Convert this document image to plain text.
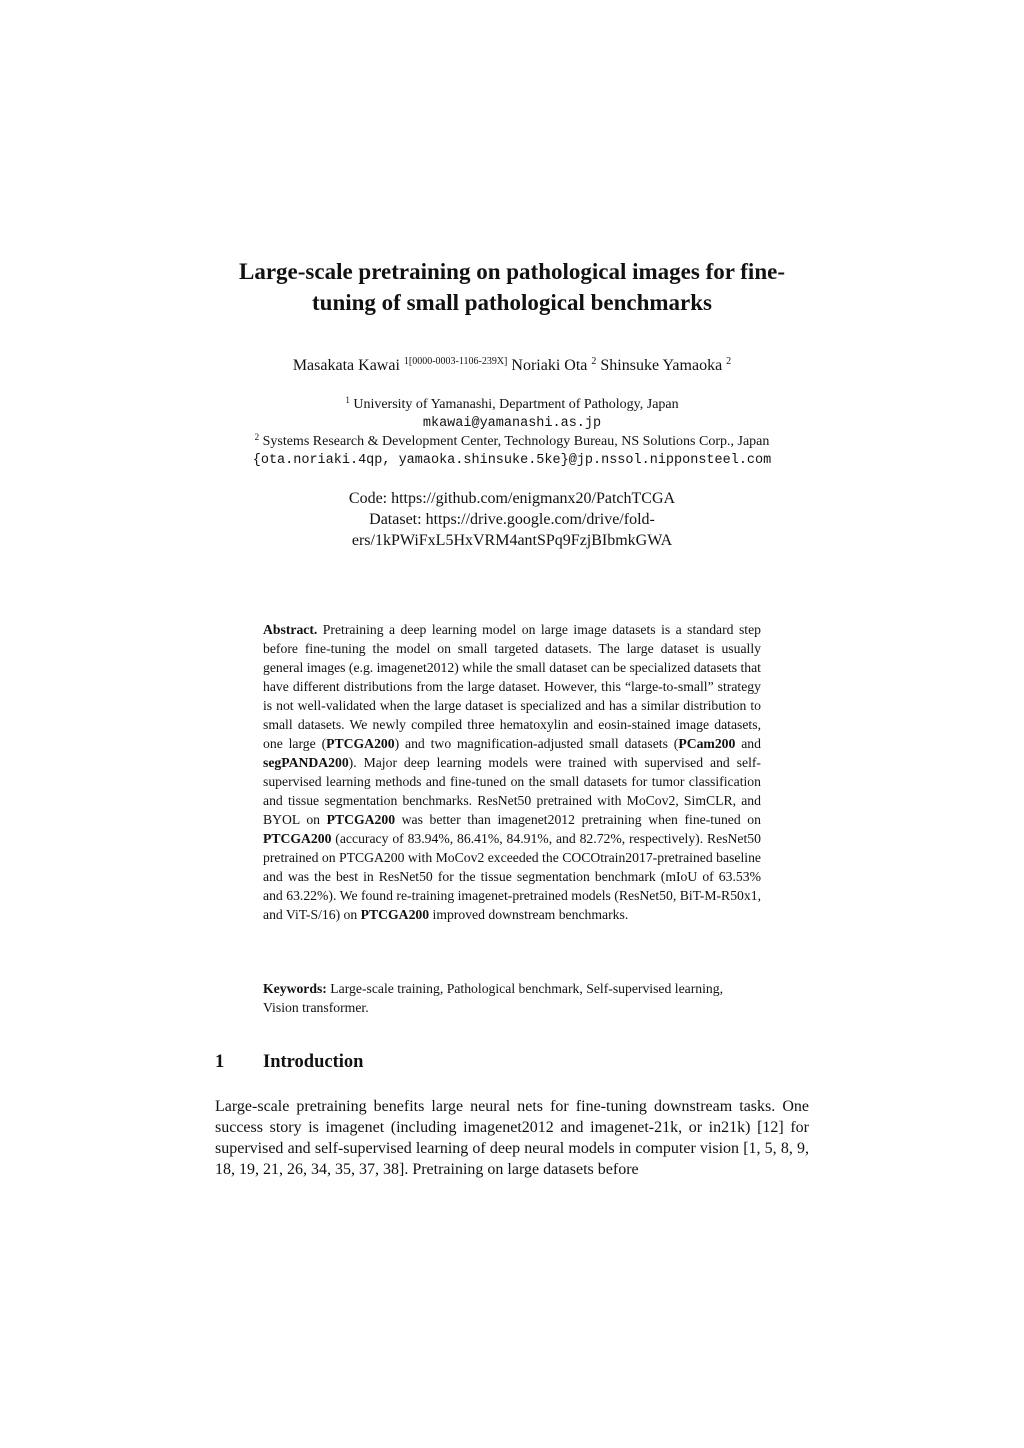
Large-scale pretraining on pathological images for fine-
tuning of small pathological benchmarks
Masakata Kawai $^{1[0000-0003-1106-239X]}$ Noriaki Ota $^2$ Shinsuke Yamaoka $^2$
$^1$ University of Yamanashi, Department of Pathology, Japan
mkawai@yamanashi.as.jp
$^2$ Systems Research & Development Center, Technology Bureau, NS Solutions Corp., Japan
{ota.noriaki.4qp, yamaoka.shinsuke.5ke}@jp.nssol.nipponsteel.com
Code: https://github.com/enigmanx20/PatchTCGA
Dataset: https://drive.google.com/drive/fold-
ers/1kPWiFxL5HxVRM4antSPq9FzjBIbmkGWA
Abstract. Pretraining a deep learning model on large image datasets is a standard step before fine-tuning the model on small targeted datasets. The large dataset is usually general images (e.g. imagenet2012) while the small dataset can be specialized datasets that have different distributions from the large dataset. However, this “large-to-small” strategy is not well-validated when the large dataset is specialized and has a similar distribution to small datasets. We newly compiled three hematoxylin and eosin-stained image datasets, one large (PTCGA200) and two magnification-adjusted small datasets (PCam200 and segPANDA200). Major deep learning models were trained with supervised and self-supervised learning methods and fine-tuned on the small datasets for tumor classification and tissue segmentation benchmarks. ResNet50 pretrained with MoCov2, SimCLR, and BYOL on PTCGA200 was better than imagenet2012 pretraining when fine-tuned on PTCGA200 (accuracy of 83.94%, 86.41%, 84.91%, and 82.72%, respectively). ResNet50 pretrained on PTCGA200 with MoCov2 exceeded the COCOtrain2017-pretrained baseline and was the best in ResNet50 for the tissue segmentation benchmark (mIoU of 63.53% and 63.22%). We found re-training imagenet-pretrained models (ResNet50, BiT-M-R50x1, and ViT-S/16) on PTCGA200 improved downstream benchmarks.
Keywords: Large-scale training, Pathological benchmark, Self-supervised learning, Vision transformer.
1 Introduction
Large-scale pretraining benefits large neural nets for fine-tuning downstream tasks. One success story is imagenet (including imagenet2012 and imagenet-21k, or in21k) [12] for supervised and self-supervised learning of deep neural models in computer vision [1, 5, 8, 9, 18, 19, 21, 26, 34, 35, 37, 38]. Pretraining on large datasets before
